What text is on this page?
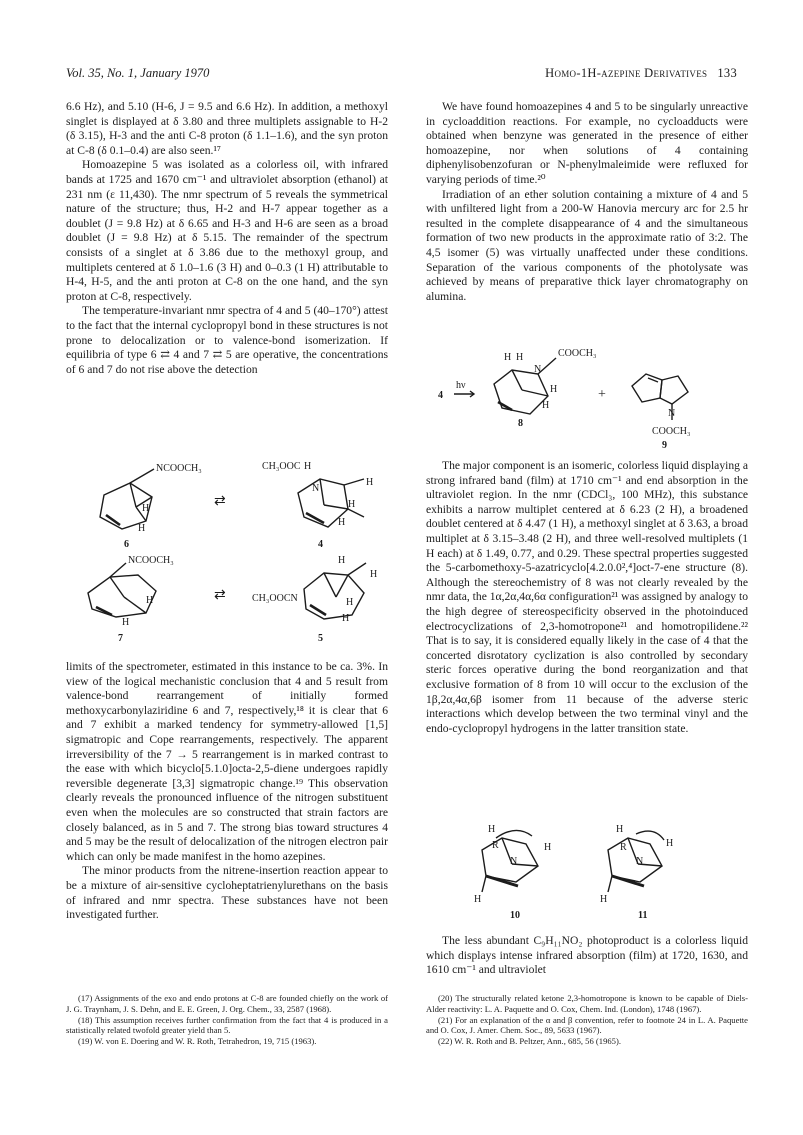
Vol. 35, No. 1, January 1970	Homo-1H-azepine Derivatives 133

6.6 Hz), and 5.10 (H-6, J = 9.5 and 6.6 Hz). In addition, a methoxyl singlet is displayed at δ 3.80 and three multiplets assignable to H-2 (δ 3.15), H-3 and the anti C-8 proton (δ 1.1–1.6), and the syn proton at C-8 (δ 0.1–0.4) are also seen.¹⁷

Homoazepine 5 was isolated as a colorless oil, with infrared bands at 1725 and 1670 cm⁻¹ and ultraviolet absorption (ethanol) at 231 nm (ε 11,430). The nmr spectrum of 5 reveals the symmetrical nature of the structure; thus, H-2 and H-7 appear together as a doublet (J = 9.8 Hz) at δ 6.65 and H-3 and H-6 are seen as a broad doublet (J = 9.8 Hz) at δ 5.15. The remainder of the spectrum consists of a singlet at δ 3.86 due to the methoxyl group, and multiplets centered at δ 1.0–1.6 (3 H) and 0–0.3 (1 H) attributable to H-4, H-5, and the anti proton at C-8 on the one hand, and the syn proton at C-8, respectively.

The temperature-invariant nmr spectra of 4 and 5 (40–170°) attest to the fact that the internal cyclopropyl bond in these structures is not prone to delocalization or to valence-bond isomerization. If equilibria of type 6 ⇄ 4 and 7 ⇄ 5 are operative, the concentrations of 6 and 7 do not rise above the detection

NCOOCH₃
H
H
6
⇄
CH₃OOC H
N
H
H
H
4
NCOOCH₃
H
H
7
⇄
H
H
CH₃OOCN	H
H
5

limits of the spectrometer, estimated in this instance to be ca. 3%. In view of the logical mechanistic conclusion that 4 and 5 result from valence-bond rearrangement of initially formed methoxycarbonylaziridine 6 and 7, respectively,¹⁸ it is clear that 6 and 7 exhibit a marked tendency for symmetry-allowed [1,5] sigmatropic and Cope rearrangements, respectively. The apparent irreversibility of the 7 → 5 rearrangement is in marked contrast to the ease with which bicyclo[5.1.0]octa-2,5-diene undergoes rapidly reversible degenerate [3,3] sigmatropic change.¹⁹ This observation clearly reveals the pronounced influence of the nitrogen substituent even when the molecules are so constructed that strain factors are closely balanced, as in 5 and 7. The strong bias toward structures 4 and 5 may be the result of delocalization of the nitrogen electron pair which can only be made manifest in the homo azepines.

The minor products from the nitrene-insertion reaction appear to be a mixture of air-sensitive cycloheptatrienylurethans on the basis of infrared and nmr spectra. These substances have not been investigated further.

We have found homoazepines 4 and 5 to be singularly unreactive in cycloaddition reactions. For example, no cycloadducts were obtained when benzyne was generated in the presence of either homoazepine, nor when solutions of 4 containing diphenylisobenzofuran or N-phenylmaleimide were refluxed for varying periods of time.²⁰

Irradiation of an ether solution containing a mixture of 4 and 5 with unfiltered light from a 200-W Hanovia mercury arc for 2.5 hr resulted in the complete disappearance of 4 and the simultaneous formation of two new products in the approximate ratio of 3:2. The 4,5 isomer (5) was virtually unaffected under these conditions. Separation of the various components of the photolysate was achieved by means of preparative thick layer chromatography on alumina.

4
hν
H H	COOCH₃
N
H
H
8
+
N
COOCH₃
9

The major component is an isomeric, colorless liquid displaying a strong infrared band (film) at 1710 cm⁻¹ and end absorption in the ultraviolet region. In the nmr (CDCl₃, 100 MHz), this substance exhibits a narrow multiplet centered at δ 6.23 (2 H), a broadened doublet centered at δ 4.47 (1 H), a methoxyl singlet at δ 3.63, a broad multiplet at δ 3.15–3.48 (2 H), and three well-resolved multiplets (1 H each) at δ 1.49, 0.77, and 0.29. These spectral properties suggested the 5-carbomethoxy-5-azatricyclo[4.2.0.0²,⁴]oct-7-ene structure (8). Although the stereochemistry of 8 was not clearly revealed by the nmr data, the 1α,2α,4α,6α configuration²¹ was assigned by analogy to the high degree of stereospecificity observed in the photoinduced electrocyclizations of 2,3-homotropone²¹ and homotropilidene.²² That is to say, it is considered equally likely in the case of 4 that the concerted disrotatory cyclization is also controlled by secondary steric forces operative during the bond reorganization and that exclusive formation of 8 from 10 will occur to the exclusion of the 1β,2α,4α,6β isomer from 11 because of the adverse steric interactions which develop between the two terminal vinyl and the endo-cyclopropyl hydrogens in the latter transition state.

H
H
R
N
H
10
H
H
R
N
H
11

The less abundant C₉H₁₁NO₂ photoproduct is a colorless liquid which displays intense infrared absorption (film) at 1720, 1630, and 1610 cm⁻¹ and ultraviolet

(17) Assignments of the exo and endo protons at C-8 are founded chiefly on the work of J. G. Traynham, J. S. Dehn, and E. E. Green, J. Org. Chem., 33, 2587 (1968).

(18) This assumption receives further confirmation from the fact that 4 is produced in a statistically related twofold greater yield than 5.

(19) W. von E. Doering and W. R. Roth, Tetrahedron, 19, 715 (1963).

(20) The structurally related ketone 2,3-homotropone is known to be capable of Diels-Alder reactivity: L. A. Paquette and O. Cox, Chem. Ind. (London), 1748 (1967).

(21) For an explanation of the α and β convention, refer to footnote 24 in L. A. Paquette and O. Cox, J. Amer. Chem. Soc., 89, 5633 (1967).

(22) W. R. Roth and B. Peltzer, Ann., 685, 56 (1965).
